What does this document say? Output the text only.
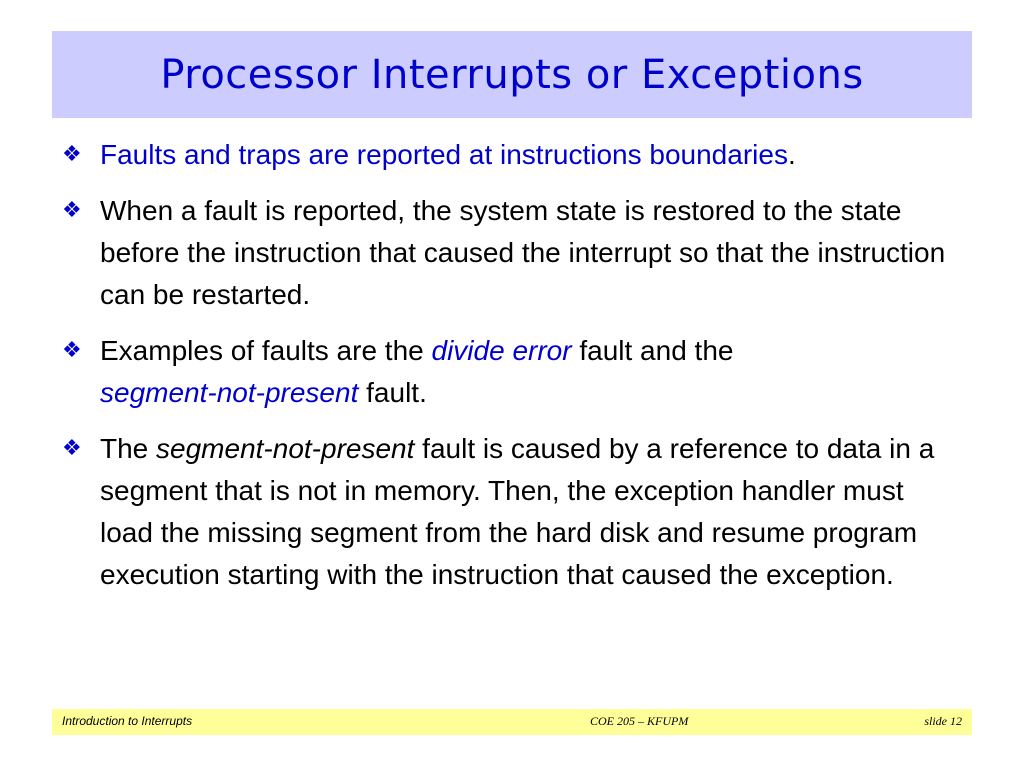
Processor Interrupts or Exceptions
❖ Faults and traps are reported at instructions boundaries.
❖ When a fault is reported, the system state is restored to the state before the instruction that caused the interrupt so that the instruction can be restarted.
❖ Examples of faults are the divide error fault and the
segment-not-present fault.
❖ The segment-not-present fault is caused by a reference to data in a segment that is not in memory. Then, the exception handler must load the missing segment from the hard disk and resume program execution starting with the instruction that caused the exception.
Introduction to Interrupts	COE 205 – KFUPM	slide 12
